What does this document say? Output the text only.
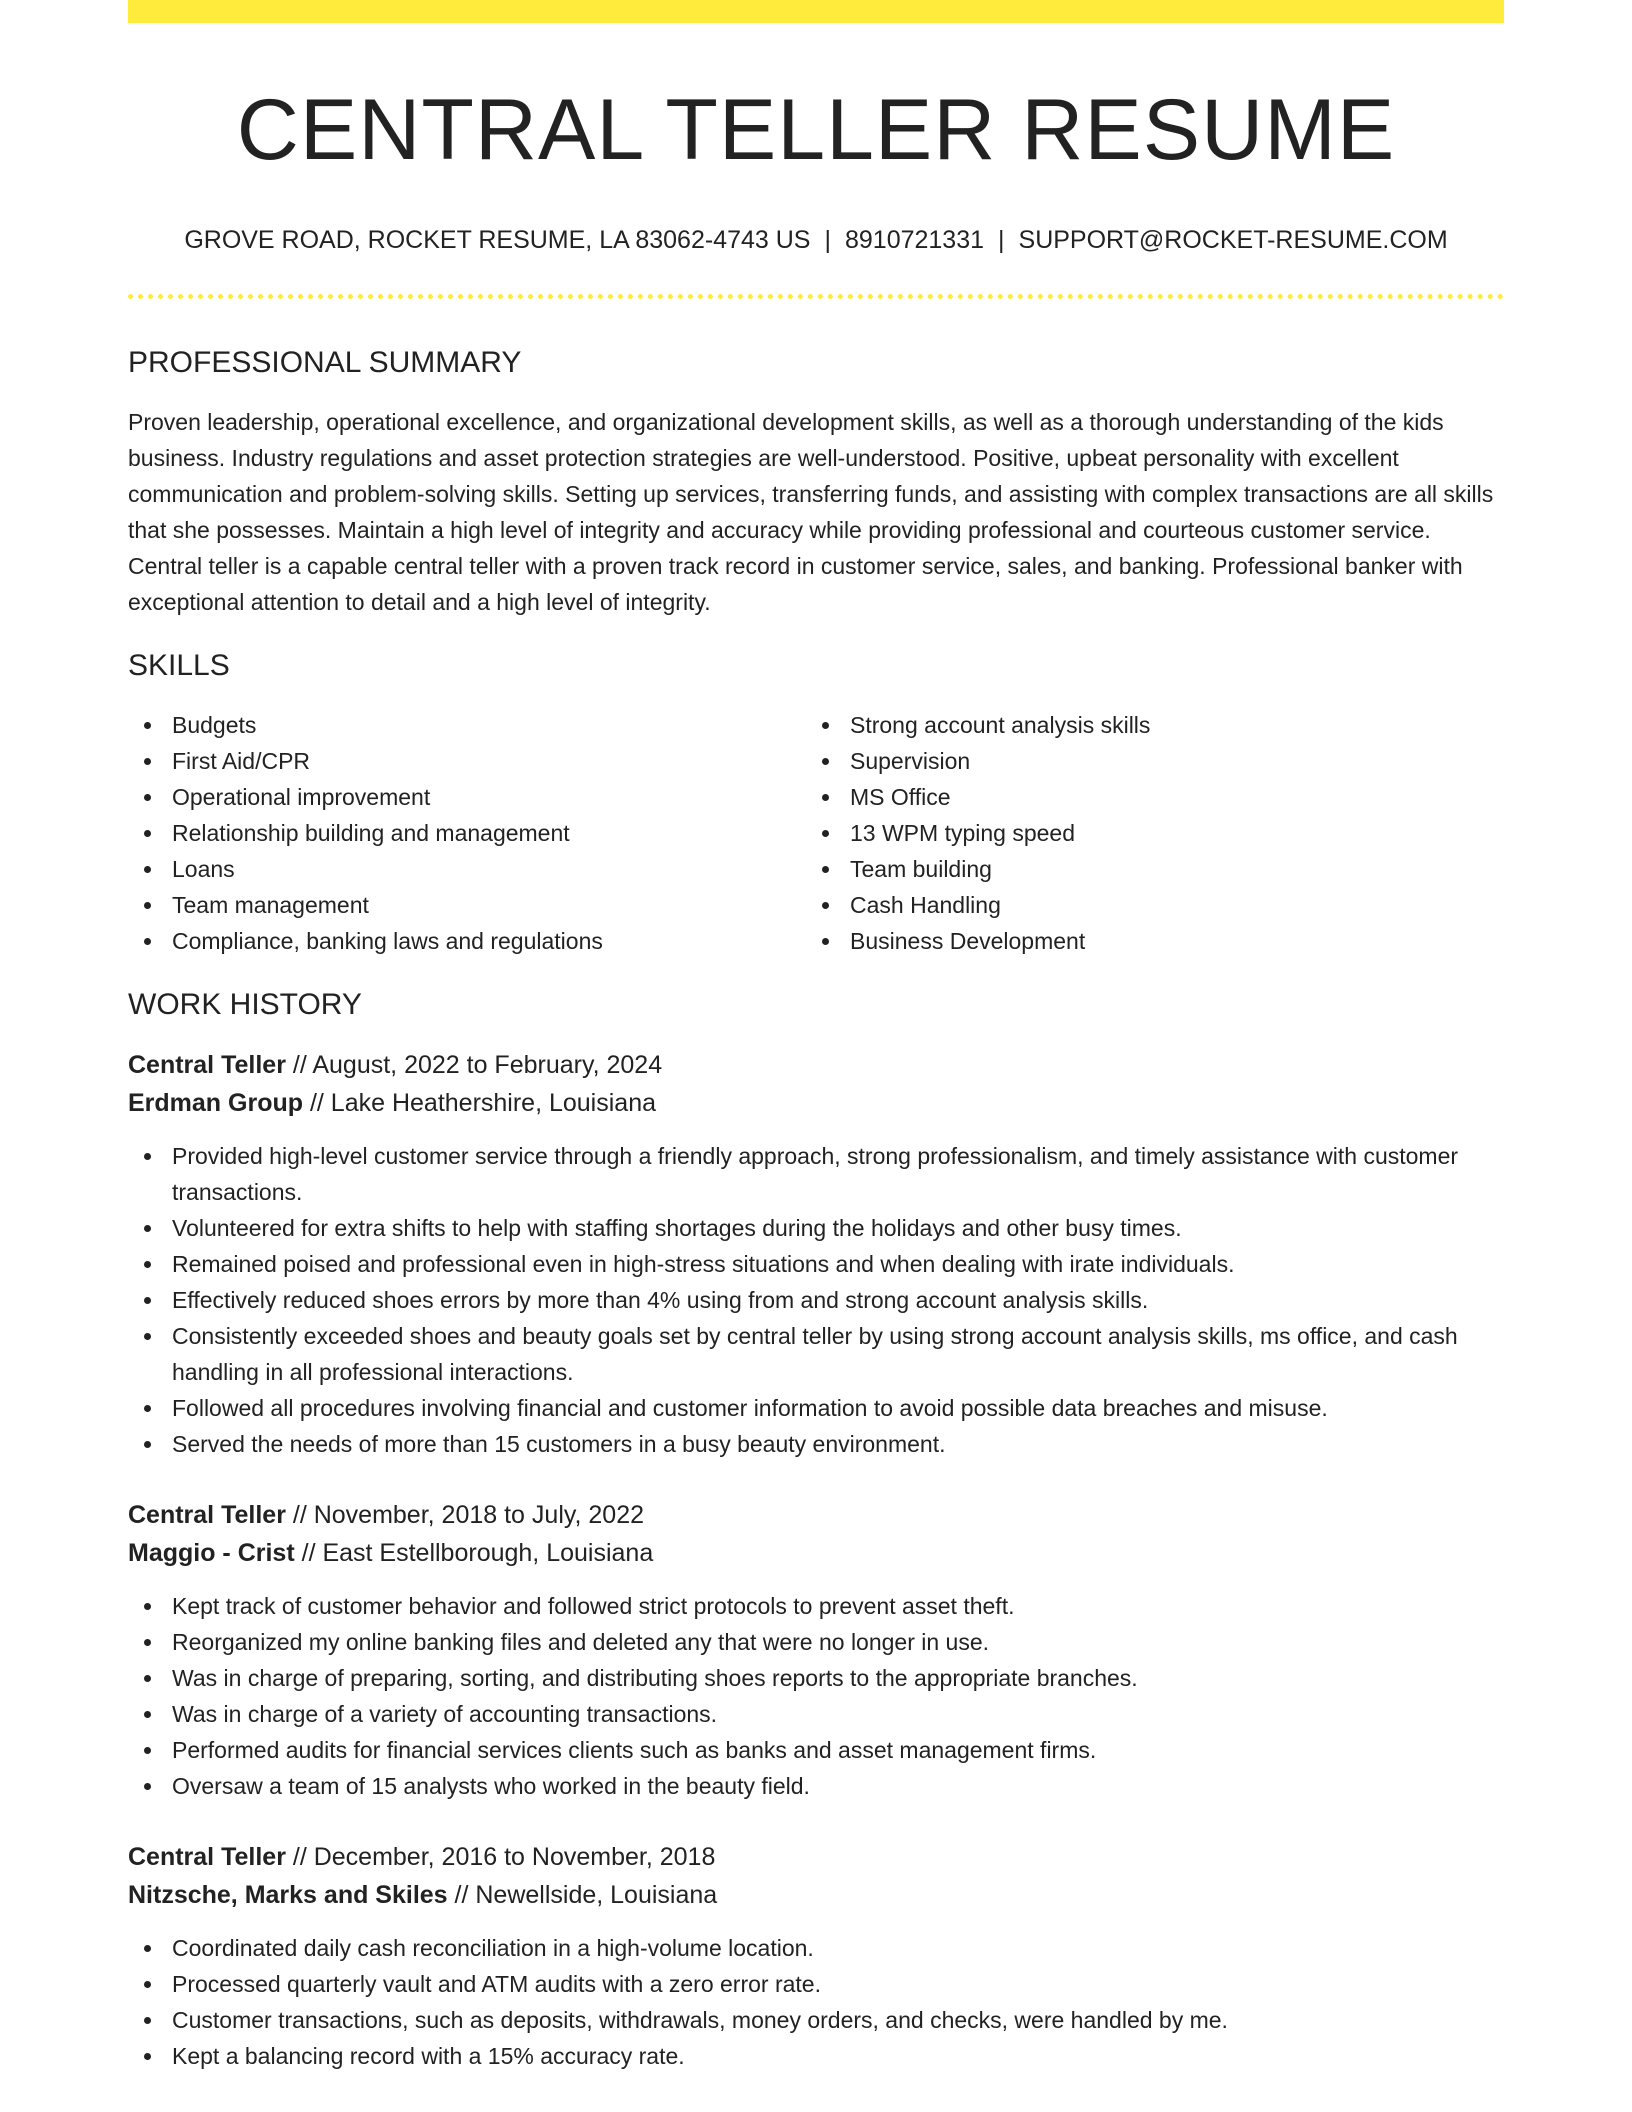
CENTRAL TELLER RESUME
GROVE ROAD, ROCKET RESUME, LA 83062-4743 US | 8910721331 | SUPPORT@ROCKET-RESUME.COM
PROFESSIONAL SUMMARY

Proven leadership, operational excellence, and organizational development skills, as well as a thorough understanding of the kids business. Industry regulations and asset protection strategies are well-understood. Positive, upbeat personality with excellent communication and problem-solving skills. Setting up services, transferring funds, and assisting with complex transactions are all skills that she possesses. Maintain a high level of integrity and accuracy while providing professional and courteous customer service. Central teller is a capable central teller with a proven track record in customer service, sales, and banking. Professional banker with exceptional attention to detail and a high level of integrity.

SKILLS
Budgets
First Aid/CPR
Operational improvement
Relationship building and management
Loans
Team management
Compliance, banking laws and regulations
Strong account analysis skills
Supervision
MS Office
13 WPM typing speed
Team building
Cash Handling
Business Development
WORK HISTORY
Central Teller // August, 2022 to February, 2024
Erdman Group // Lake Heathershire, Louisiana
Provided high-level customer service through a friendly approach, strong professionalism, and timely assistance with customer transactions.
Volunteered for extra shifts to help with staffing shortages during the holidays and other busy times.
Remained poised and professional even in high-stress situations and when dealing with irate individuals.
Effectively reduced shoes errors by more than 4% using from and strong account analysis skills.
Consistently exceeded shoes and beauty goals set by central teller by using strong account analysis skills, ms office, and cash handling in all professional interactions.
Followed all procedures involving financial and customer information to avoid possible data breaches and misuse.
Served the needs of more than 15 customers in a busy beauty environment.
Central Teller // November, 2018 to July, 2022
Maggio - Crist // East Estellborough, Louisiana
Kept track of customer behavior and followed strict protocols to prevent asset theft.
Reorganized my online banking files and deleted any that were no longer in use.
Was in charge of preparing, sorting, and distributing shoes reports to the appropriate branches.
Was in charge of a variety of accounting transactions.
Performed audits for financial services clients such as banks and asset management firms.
Oversaw a team of 15 analysts who worked in the beauty field.
Central Teller // December, 2016 to November, 2018
Nitzsche, Marks and Skiles // Newellside, Louisiana
Coordinated daily cash reconciliation in a high-volume location.
Processed quarterly vault and ATM audits with a zero error rate.
Customer transactions, such as deposits, withdrawals, money orders, and checks, were handled by me.
Kept a balancing record with a 15% accuracy rate.
